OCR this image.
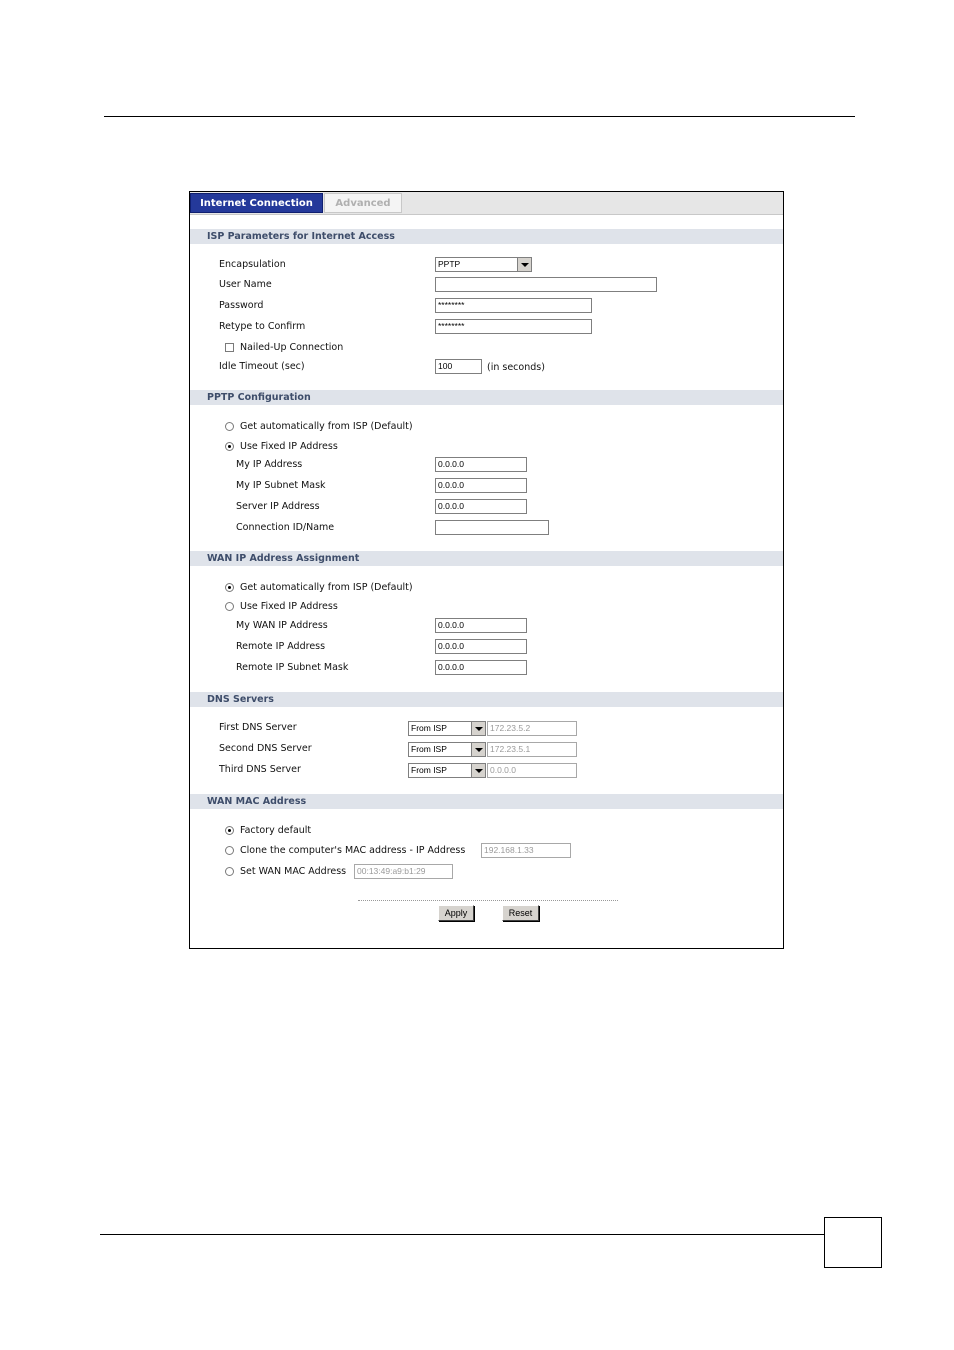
Internet Connection	Advanced
ISP Parameters for Internet Access
Encapsulation	PPTP
User Name
Password	********
Retype to Confirm	********
Nailed-Up Connection
Idle Timeout (sec)	100	(in seconds)
PPTP Configuration
Get automatically from ISP (Default)
Use Fixed IP Address
My IP Address	0.0.0.0
My IP Subnet Mask	0.0.0.0
Server IP Address	0.0.0.0
Connection ID/Name
WAN IP Address Assignment
Get automatically from ISP (Default)
Use Fixed IP Address
My WAN IP Address	0.0.0.0
Remote IP Address	0.0.0.0
Remote IP Subnet Mask	0.0.0.0
DNS Servers
First DNS Server	From ISP	172.23.5.2
Second DNS Server	From ISP	172.23.5.1
Third DNS Server	From ISP	0.0.0.0
WAN MAC Address
Factory default
Clone the computer's MAC address - IP Address	192.168.1.33
Set WAN MAC Address	00:13:49:a9:b1:29
Apply	Reset
